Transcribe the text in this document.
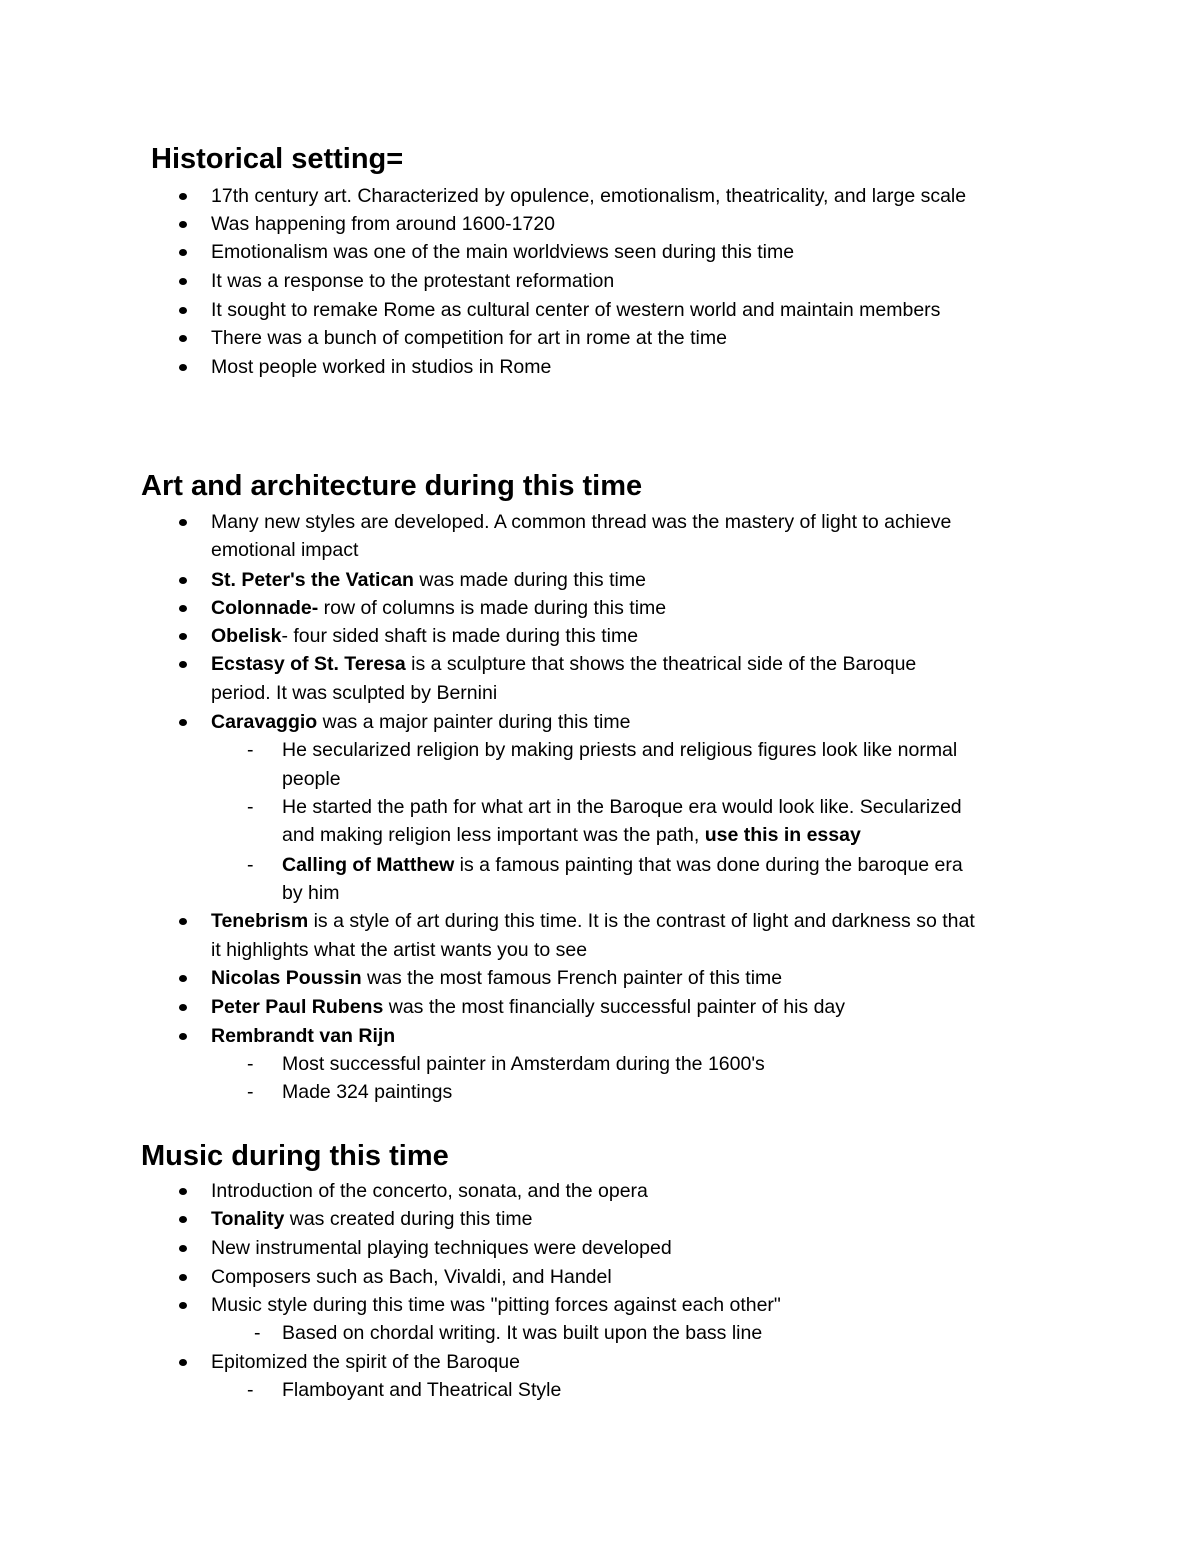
Historical setting=
17th century art. Characterized by opulence, emotionalism, theatricality, and large scale
Was happening from around 1600-1720
Emotionalism was one of the main worldviews seen during this time
It was a response to the protestant reformation
It sought to remake Rome as cultural center of western world and maintain members
There was a bunch of competition for art in rome at the time
Most people worked in studios in Rome
Art and architecture during this time
Many new styles are developed. A common thread was the mastery of light to achieve
emotional impact
St. Peter's the Vatican was made during this time
Colonnade- row of columns is made during this time
Obelisk- four sided shaft is made during this time
Ecstasy of St. Teresa is a sculpture that shows the theatrical side of the Baroque
period. It was sculpted by Bernini
Caravaggio was a major painter during this time
- He secularized religion by making priests and religious figures look like normal
people
- He started the path for what art in the Baroque era would look like. Secularized
and making religion less important was the path, use this in essay
- Calling of Matthew is a famous painting that was done during the baroque era
by him
Tenebrism is a style of art during this time. It is the contrast of light and darkness so that
it highlights what the artist wants you to see
Nicolas Poussin was the most famous French painter of this time
Peter Paul Rubens was the most financially successful painter of his day
Rembrandt van Rijn
- Most successful painter in Amsterdam during the 1600's
- Made 324 paintings
Music during this time
Introduction of the concerto, sonata, and the opera
Tonality was created during this time
New instrumental playing techniques were developed
Composers such as Bach, Vivaldi, and Handel
Music style during this time was "pitting forces against each other"
- Based on chordal writing. It was built upon the bass line
Epitomized the spirit of the Baroque
- Flamboyant and Theatrical Style
